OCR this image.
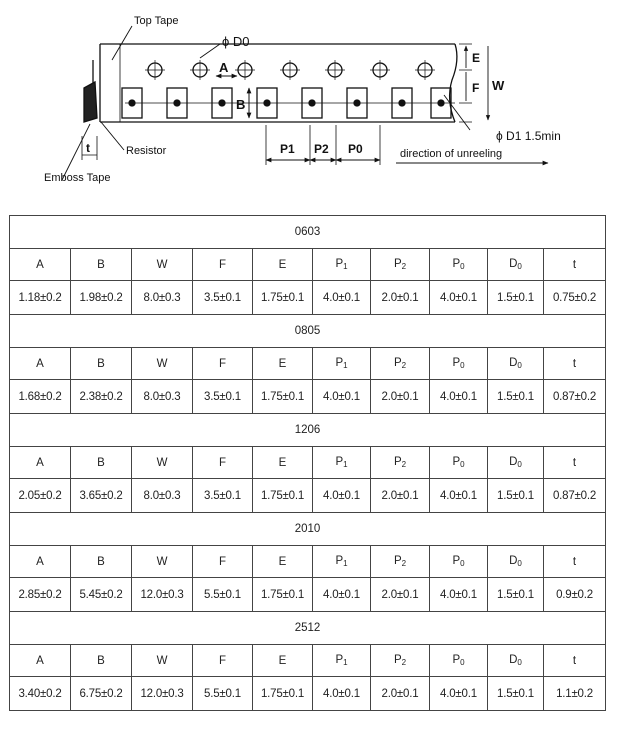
Top Tape
ϕ D0
A
B
E
F W
ϕ D1 1.5min
Resistor
t
Emboss Tape
P1 P2 P0	direction of unreeling
0603									
A	B	W	F	E	$P_1$	$P_2$	$P_0$	$D_0$	t
1.18±0.2	1.98±0.2	8.0±0.3	3.5±0.1	1.75±0.1	4.0±0.1	2.0±0.1	4.0±0.1	1.5±0.1	0.75±0.2
0805									
A	B	W	F	E	$P_1$	$P_2$	$P_0$	$D_0$	t
1.68±0.2	2.38±0.2	8.0±0.3	3.5±0.1	1.75±0.1	4.0±0.1	2.0±0.1	4.0±0.1	1.5±0.1	0.87±0.2
1206									
A	B	W	F	E	$P_1$	$P_2$	$P_0$	$D_0$	t
2.05±0.2	3.65±0.2	8.0±0.3	3.5±0.1	1.75±0.1	4.0±0.1	2.0±0.1	4.0±0.1	1.5±0.1	0.87±0.2
2010									
A	B	W	F	E	$P_1$	$P_2$	$P_0$	$D_0$	t
2.85±0.2	5.45±0.2	12.0±0.3	5.5±0.1	1.75±0.1	4.0±0.1	2.0±0.1	4.0±0.1	1.5±0.1	0.9±0.2
2512									
A	B	W	F	E	$P_1$	$P_2$	$P_0$	$D_0$	t
3.40±0.2	6.75±0.2	12.0±0.3	5.5±0.1	1.75±0.1	4.0±0.1	2.0±0.1	4.0±0.1	1.5±0.1	1.1±0.2
